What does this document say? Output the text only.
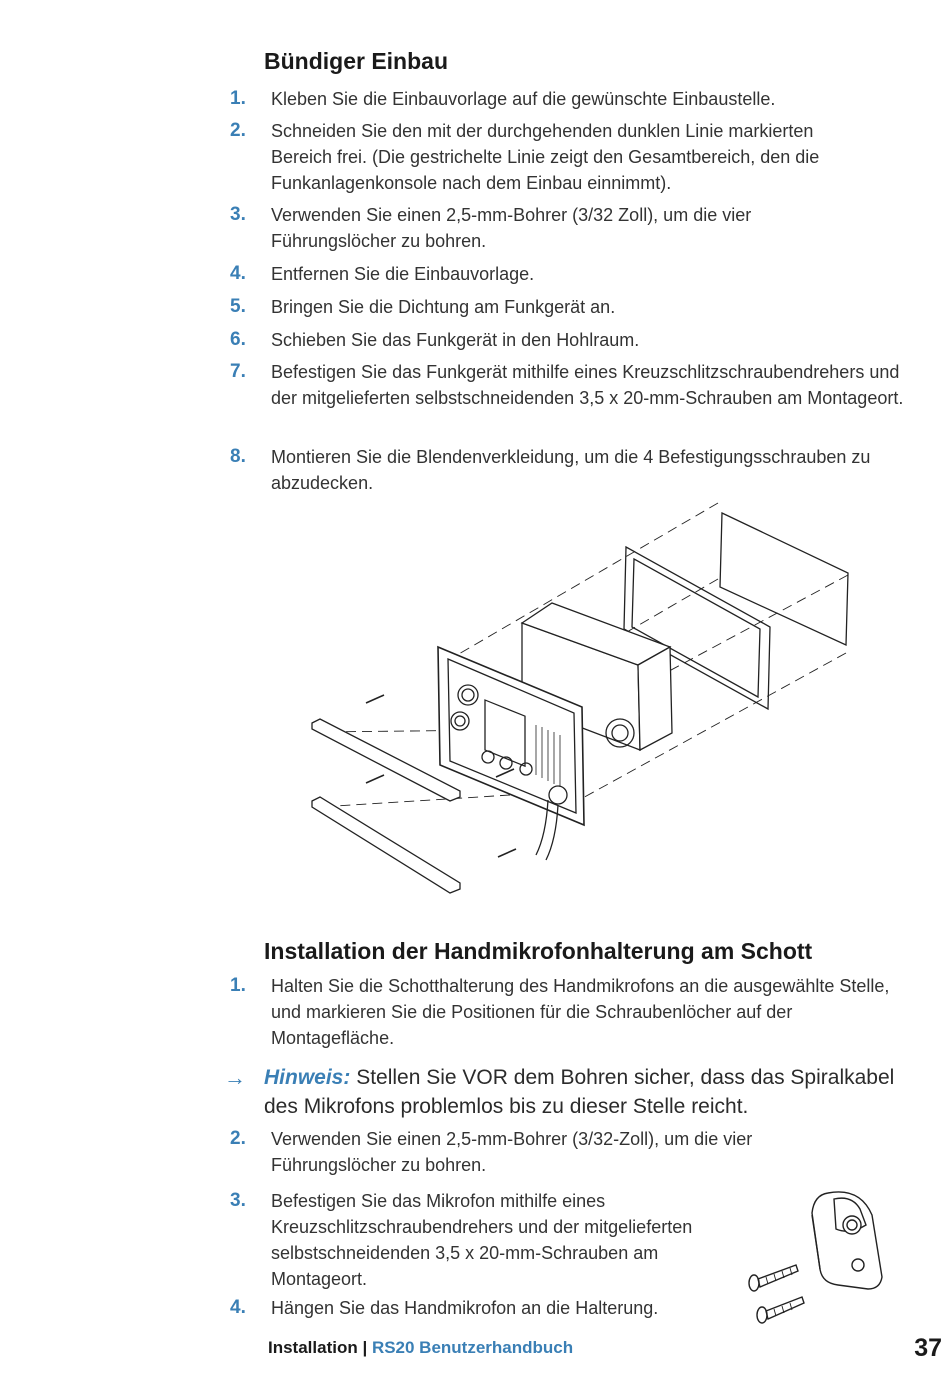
Bündiger Einbau
1.	Kleben Sie die Einbauvorlage auf die gewünschte Einbaustelle.
2.	Schneiden Sie den mit der durchgehenden dunklen Linie markierten Bereich frei. (Die gestrichelte Linie zeigt den Gesamtbereich, den die Funkanlagenkonsole nach dem Einbau einnimmt).
3.	Verwenden Sie einen 2,5-mm-Bohrer (3/32 Zoll), um die vier Führungslöcher zu bohren.
4.	Entfernen Sie die Einbauvorlage.
5.	Bringen Sie die Dichtung am Funkgerät an.
6.	Schieben Sie das Funkgerät in den Hohlraum.
7.	Befestigen Sie das Funkgerät mithilfe eines Kreuzschlitzschraubendrehers und der mitgelieferten selbstschneidenden 3,5 x 20-mm-Schrauben am Montageort.
8.	Montieren Sie die Blendenverkleidung, um die 4 Befestigungsschrauben zu abzudecken.
Installation der Handmikrofonhalterung am Schott
1.	Halten Sie die Schotthalterung des Handmikrofons an die ausgewählte Stelle, und markieren Sie die Positionen für die Schraubenlöcher auf der Montagefläche.
→ Hinweis: Stellen Sie VOR dem Bohren sicher, dass das Spiralkabel des Mikrofons problemlos bis zu dieser Stelle reicht.
2.	Verwenden Sie einen 2,5-mm-Bohrer (3/32-Zoll), um die vier Führungslöcher zu bohren.
3.	Befestigen Sie das Mikrofon mithilfe eines Kreuzschlitzschraubendrehers und der mitgelieferten selbstschneidenden 3,5 x 20-mm-Schrauben am Montageort.
4.	Hängen Sie das Handmikrofon an die Halterung.
Installation | RS20 Benutzerhandbuch	37
